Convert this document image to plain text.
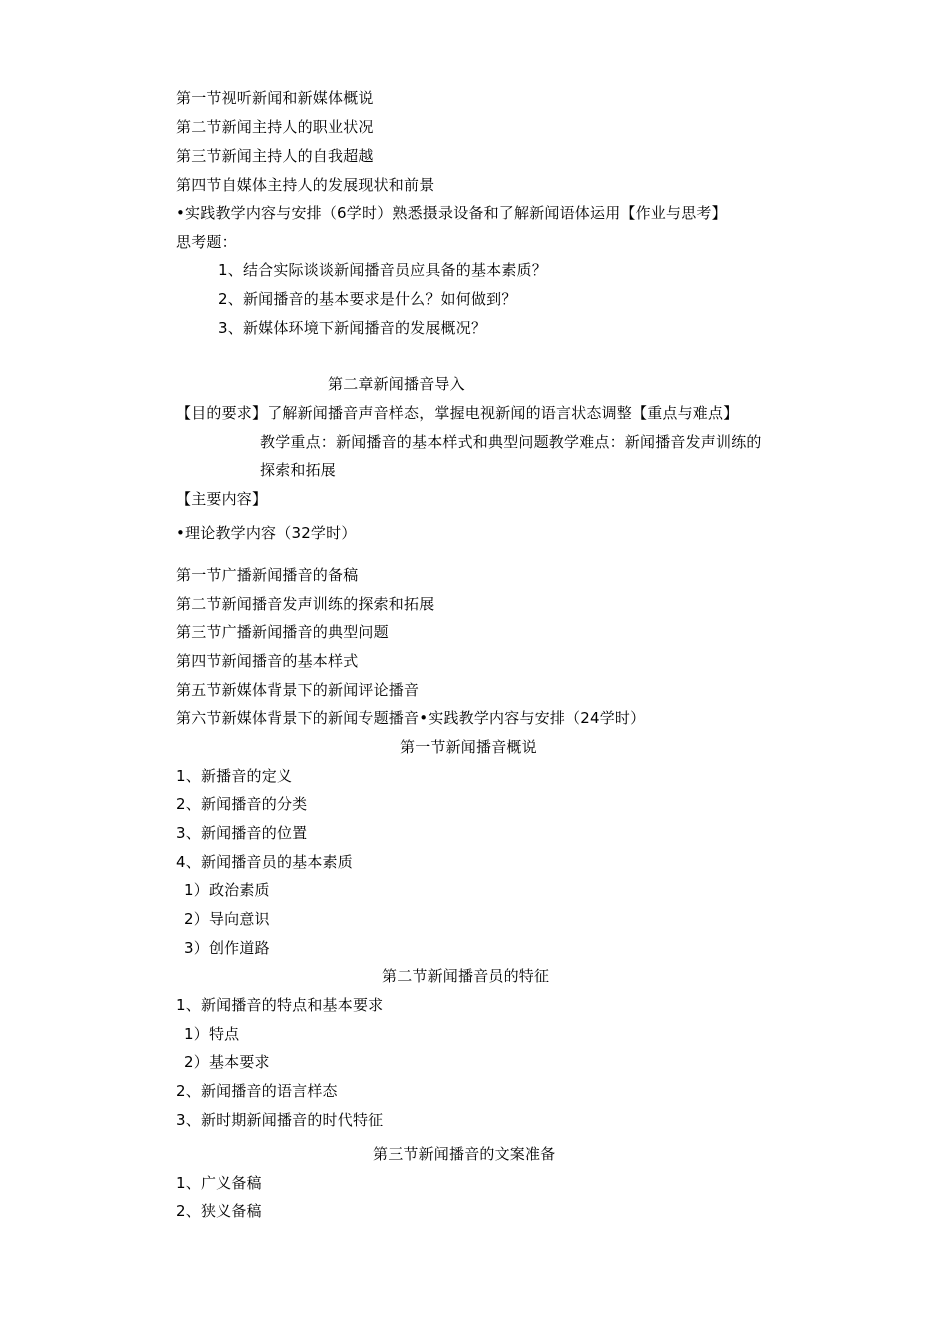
第一节视听新闻和新媒体概说
第二节新闻主持人的职业状况
第三节新闻主持人的自我超越
第四节自媒体主持人的发展现状和前景
•实践教学内容与安排（6学时）熟悉摄录设备和了解新闻语体运用【作业与思考】
思考题：
1、结合实际谈谈新闻播音员应具备的基本素质？
2、新闻播音的基本要求是什么？如何做到？
3、新媒体环境下新闻播音的发展概况？
第二章新闻播音导入
【目的要求】了解新闻播音声音样态，掌握电视新闻的语言状态调整【重点与难点】
教学重点：新闻播音的基本样式和典型问题教学难点：新闻播音发声训练的
探索和拓展
【主要内容】
•理论教学内容（32学时）
第一节广播新闻播音的备稿
第二节新闻播音发声训练的探索和拓展
第三节广播新闻播音的典型问题
第四节新闻播音的基本样式
第五节新媒体背景下的新闻评论播音
第六节新媒体背景下的新闻专题播音•实践教学内容与安排（24学时）
第一节新闻播音概说
1、新播音的定义
2、新闻播音的分类
3、新闻播音的位置
4、新闻播音员的基本素质
1）政治素质
2）导向意识
3）创作道路
第二节新闻播音员的特征
1、新闻播音的特点和基本要求
1）特点
2）基本要求
2、新闻播音的语言样态
3、新时期新闻播音的时代特征
第三节新闻播音的文案准备
1、广义备稿
2、狭义备稿
